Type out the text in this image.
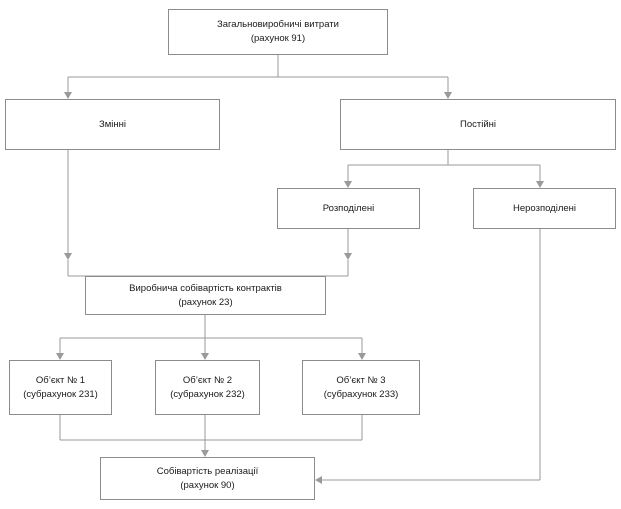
Загальновиробничі витрати
(рахунок 91)
Змінні	Постійні
Розподілені	Нерозподілені
Виробнича собівартість контрактів
(рахунок 23)
Об’єкт № 1
(субрахунок 231)
Об’єкт № 2
(субрахунок 232)
Об’єкт № 3
(субрахунок 233)
Собівартість реалізації
(рахунок 90)
